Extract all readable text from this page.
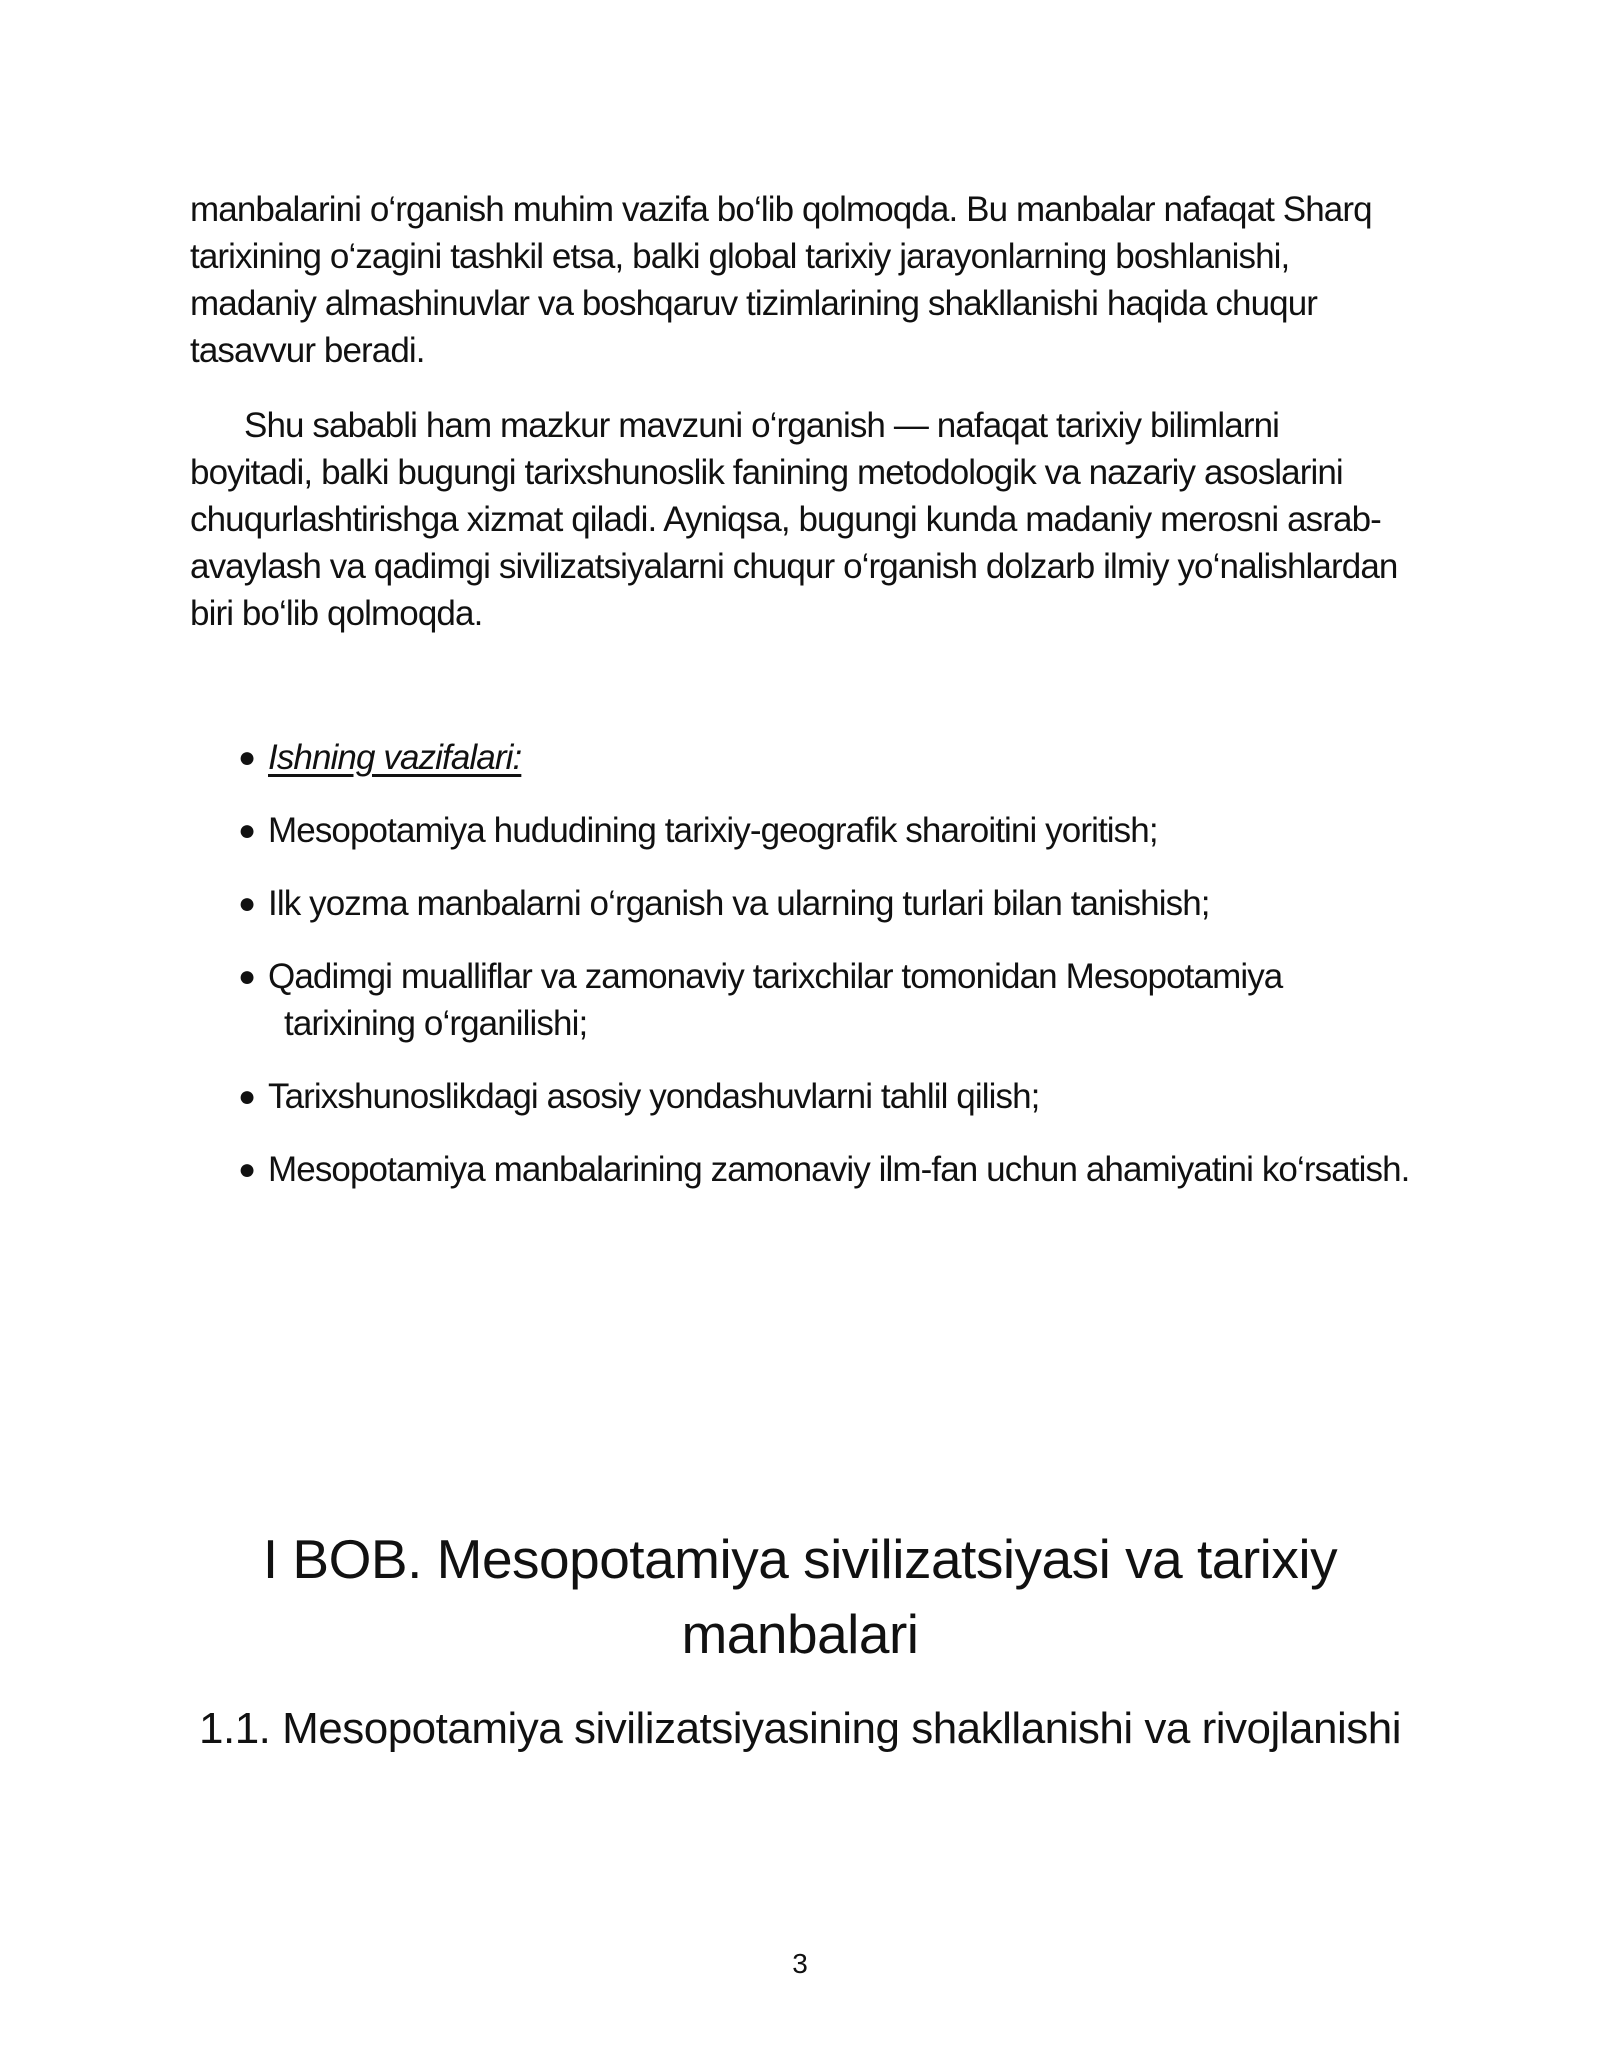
manbalarini o‘rganish muhim vazifa bo‘lib qolmoqda. Bu manbalar nafaqat Sharq tarixining o‘zagini tashkil etsa, balki global tarixiy jarayonlarning boshlanishi, madaniy almashinuvlar va boshqaruv tizimlarining shakllanishi haqida chuqur tasavvur beradi.

Shu sababli ham mazkur mavzuni o‘rganish — nafaqat tarixiy bilimlarni boyitadi, balki bugungi tarixshunoslik fanining metodologik va nazariy asoslarini chuqurlashtirishga xizmat qiladi. Ayniqsa, bugungi kunda madaniy merosni asrab-avaylash va qadimgi sivilizatsiyalarni chuqur o‘rganish dolzarb ilmiy yo‘nalishlardan biri bo‘lib qolmoqda.

● Ishning vazifalari:
● Mesopotamiya hududining tarixiy-geografik sharoitini yoritish;
● Ilk yozma manbalarni o‘rganish va ularning turlari bilan tanishish;
● Qadimgi mualliflar va zamonaviy tarixchilar tomonidan Mesopotamiya tarixining o‘rganilishi;
● Tarixshunoslikdagi asosiy yondashuvlarni tahlil qilish;
● Mesopotamiya manbalarining zamonaviy ilm-fan uchun ahamiyatini ko‘rsatish.
I BOB. Mesopotamiya sivilizatsiyasi va tarixiy manbalari
1.1. Mesopotamiya sivilizatsiyasining shakllanishi va rivojlanishi

3
